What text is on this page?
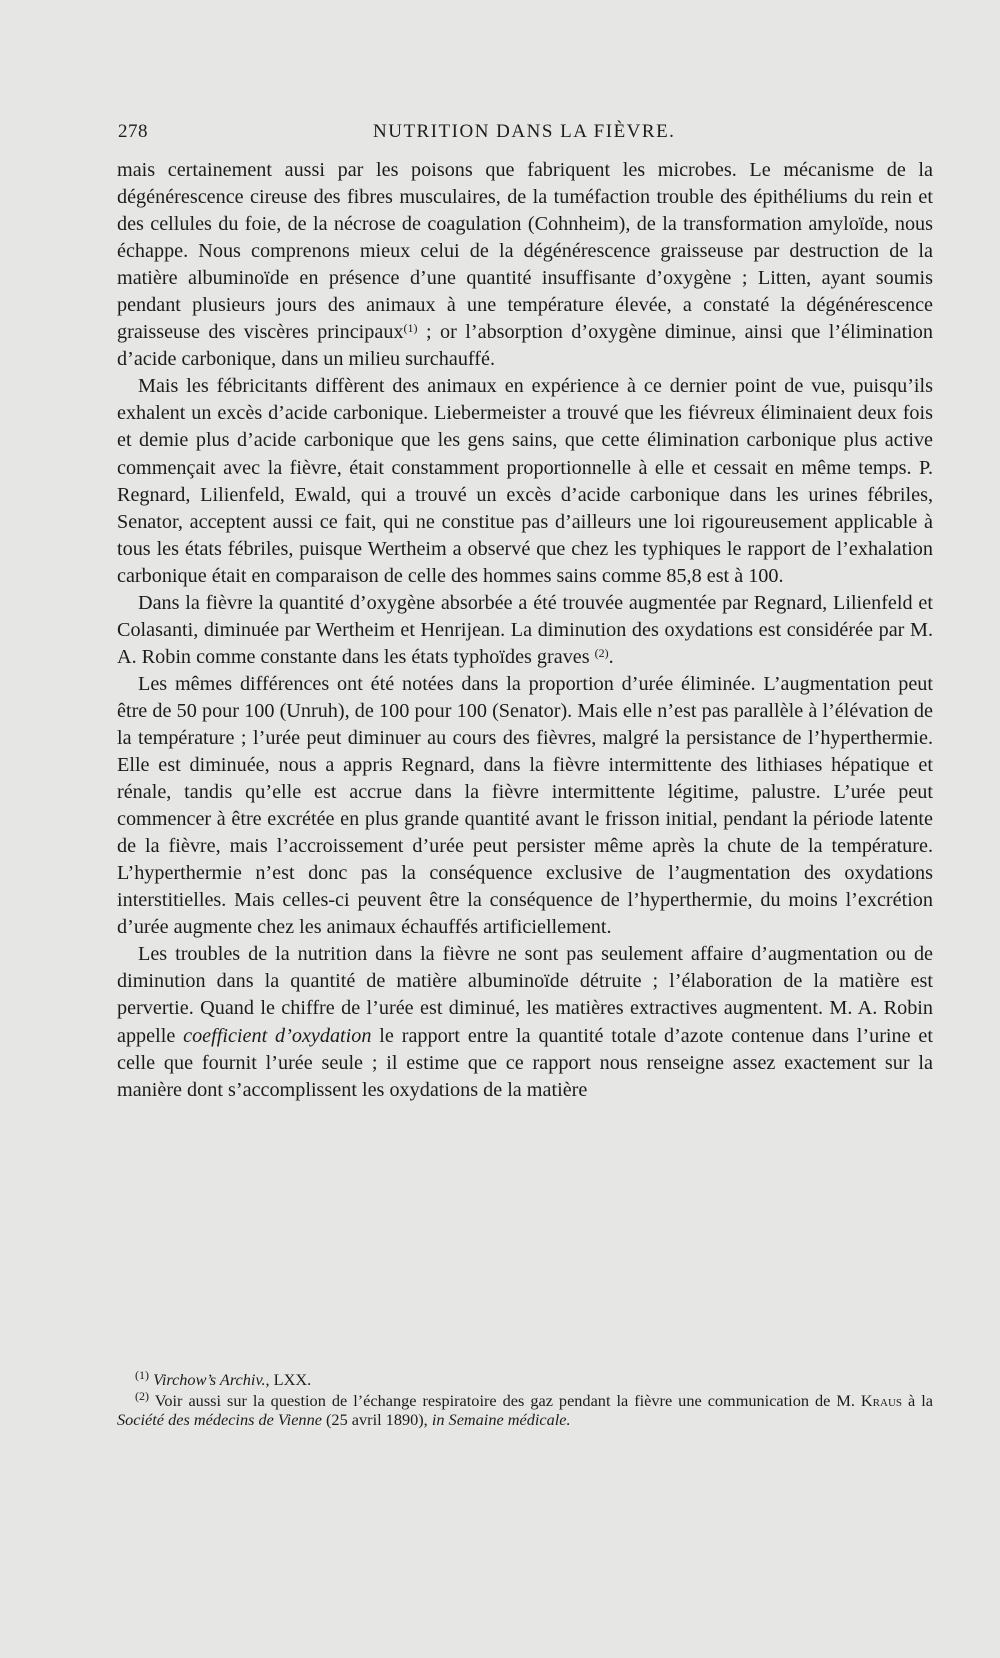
278	NUTRITION DANS LA FIÈVRE.

mais certainement aussi par les poisons que fabriquent les microbes. Le mécanisme de la dégénérescence cireuse des fibres musculaires, de la tuméfaction trouble des épithéliums du rein et des cellules du foie, de la nécrose de coagulation (Cohnheim), de la transformation amyloïde, nous échappe. Nous comprenons mieux celui de la dégénérescence graisseuse par destruction de la matière albuminoïde en présence d’une quantité insuffisante d’oxygène ; Litten, ayant soumis pendant plusieurs jours des animaux à une température élevée, a constaté la dégénérescence graisseuse des viscères principaux$^{(1)}$ ; or l’absorption d’oxygène diminue, ainsi que l’élimination d’acide carbonique, dans un milieu surchauffé.

Mais les fébricitants diffèrent des animaux en expérience à ce dernier point de vue, puisqu’ils exhalent un excès d’acide carbonique. Liebermeister a trouvé que les fiévreux éliminaient deux fois et demie plus d’acide carbonique que les gens sains, que cette élimination carbonique plus active commençait avec la fièvre, était constamment proportionnelle à elle et cessait en même temps. P. Regnard, Lilienfeld, Ewald, qui a trouvé un excès d’acide carbonique dans les urines fébriles, Senator, acceptent aussi ce fait, qui ne constitue pas d’ailleurs une loi rigoureusement applicable à tous les états fébriles, puisque Wertheim a observé que chez les typhiques le rapport de l’exhalation carbonique était en comparaison de celle des hommes sains comme 85,8 est à 100.

Dans la fièvre la quantité d’oxygène absorbée a été trouvée augmentée par Regnard, Lilienfeld et Colasanti, diminuée par Wertheim et Henrijean. La diminution des oxydations est considérée par M. A. Robin comme constante dans les états typhoïdes graves $^{(2)}$.

Les mêmes différences ont été notées dans la proportion d’urée éliminée. L’augmentation peut être de 50 pour 100 (Unruh), de 100 pour 100 (Senator). Mais elle n’est pas parallèle à l’élévation de la température ; l’urée peut diminuer au cours des fièvres, malgré la persistance de l’hyperthermie. Elle est diminuée, nous a appris Regnard, dans la fièvre intermittente des lithiases hépatique et rénale, tandis qu’elle est accrue dans la fièvre intermittente légitime, palustre. L’urée peut commencer à être excrétée en plus grande quantité avant le frisson initial, pendant la période latente de la fièvre, mais l’accroissement d’urée peut persister même après la chute de la température. L’hyperthermie n’est donc pas la conséquence exclusive de l’augmentation des oxydations interstitielles. Mais celles-ci peuvent être la conséquence de l’hyperthermie, du moins l’excrétion d’urée augmente chez les animaux échauffés artificiellement.

Les troubles de la nutrition dans la fièvre ne sont pas seulement affaire d’augmentation ou de diminution dans la quantité de matière albuminoïde détruite ; l’élaboration de la matière est pervertie. Quand le chiffre de l’urée est diminué, les matières extractives augmentent. M. A. Robin appelle coefficient d’oxydation le rapport entre la quantité totale d’azote contenue dans l’urine et celle que fournit l’urée seule ; il estime que ce rapport nous renseigne assez exactement sur la manière dont s’accomplissent les oxydations de la matière

$^{(1)}$ Virchow’s Archiv., LXX.

$^{(2)}$ Voir aussi sur la question de l’échange respiratoire des gaz pendant la fièvre une communication de M. Kraus à la Société des médecins de Vienne (25 avril 1890), in Semaine médicale.
